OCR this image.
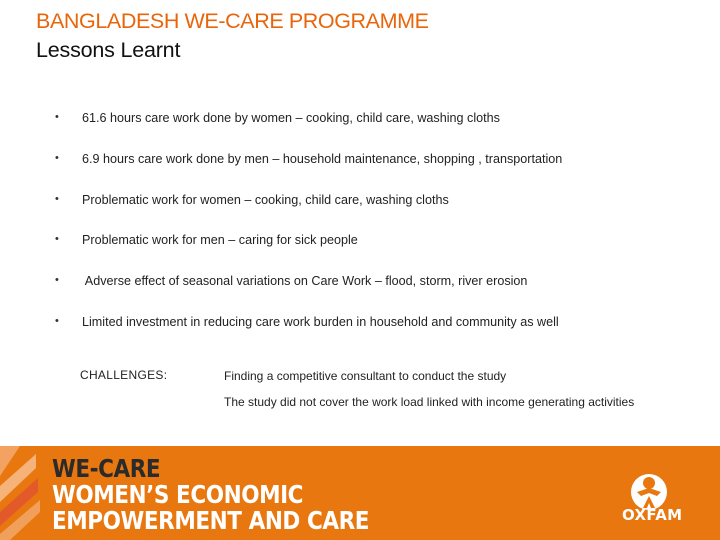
BANGLADESH WE-CARE PROGRAMME
Lessons Learnt
• 61.6 hours care work done by women – cooking, child care, washing cloths
• 6.9 hours care work done by men – household maintenance, shopping , transportation
• Problematic work for women – cooking, child care, washing cloths
• Problematic work for men – caring for sick people
• Adverse effect of seasonal variations on Care Work – flood, storm, river erosion
• Limited investment in reducing care work burden in household and community as well
CHALLENGES:	Finding a competitive consultant to conduct the study
The study did not cover the work load linked with income generating activities
WE-CARE
WOMEN’S ECONOMIC
EMPOWERMENT AND CARE	OXFAM
